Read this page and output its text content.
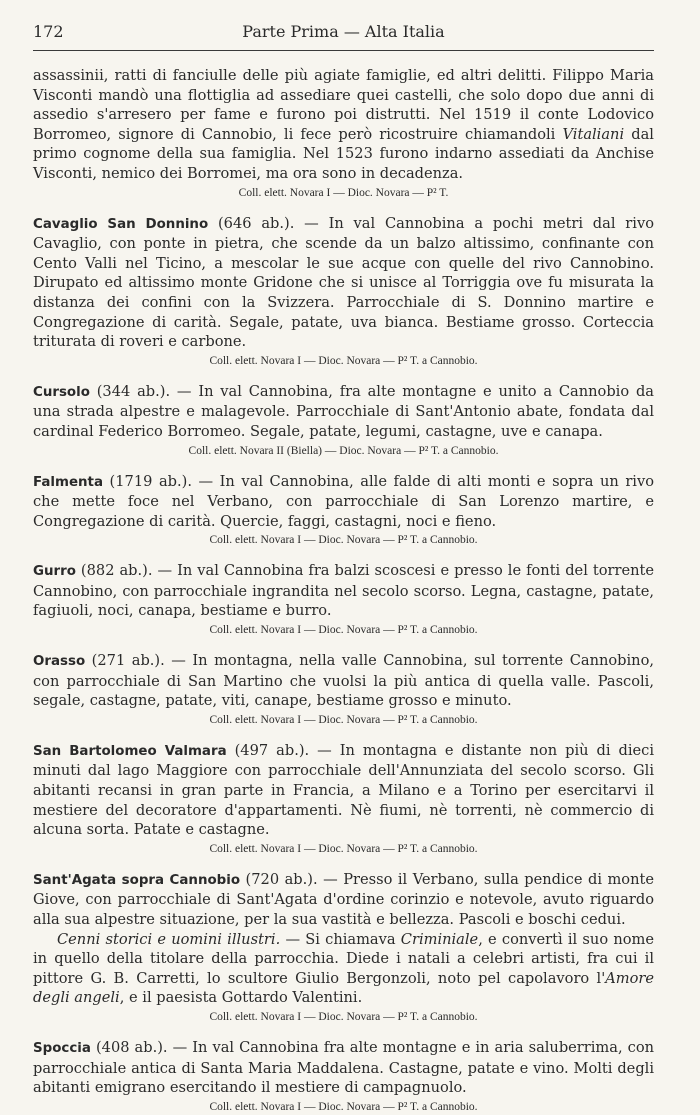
172	Parte Prima — Alta Italia

assassinii, ratti di fanciulle delle più agiate famiglie, ed altri delitti. Filippo Maria Visconti mandò una flottiglia ad assediare quei castelli, che solo dopo due anni di assedio s'arresero per fame e furono poi distrutti. Nel 1519 il conte Lodovico Borromeo, signore di Cannobio, li fece però ricostruire chiamandoli Vitaliani dal primo cognome della sua famiglia. Nel 1523 furono indarno assediati da Anchise Visconti, nemico dei Borromei, ma ora sono in decadenza.

Coll. elett. Novara I — Dioc. Novara — P² T.

Cavaglio San Donnino (646 ab.). — In val Cannobina a pochi metri dal rivo Cavaglio, con ponte in pietra, che scende da un balzo altissimo, confinante con Cento Valli nel Ticino, a mescolar le sue acque con quelle del rivo Cannobino. Dirupato ed altissimo monte Gridone che si unisce al Torriggia ove fu misurata la distanza dei confini con la Svizzera. Parrocchiale di S. Donnino martire e Congregazione di carità. Segale, patate, uva bianca. Bestiame grosso. Corteccia triturata di roveri e carbone.

Coll. elett. Novara I — Dioc. Novara — P² T. a Cannobio.

Cursolo (344 ab.). — In val Cannobina, fra alte montagne e unito a Cannobio da una strada alpestre e malagevole. Parrocchiale di Sant'Antonio abate, fondata dal cardinal Federico Borromeo. Segale, patate, legumi, castagne, uve e canapa.

Coll. elett. Novara II (Biella) — Dioc. Novara — P² T. a Cannobio.

Falmenta (1719 ab.). — In val Cannobina, alle falde di alti monti e sopra un rivo che mette foce nel Verbano, con parrocchiale di San Lorenzo martire, e Congregazione di carità. Quercie, faggi, castagni, noci e fieno.

Coll. elett. Novara I — Dioc. Novara — P² T. a Cannobio.

Gurro (882 ab.). — In val Cannobina fra balzi scoscesi e presso le fonti del torrente Cannobino, con parrocchiale ingrandita nel secolo scorso. Legna, castagne, patate, fagiuoli, noci, canapa, bestiame e burro.

Coll. elett. Novara I — Dioc. Novara — P² T. a Cannobio.

Orasso (271 ab.). — In montagna, nella valle Cannobina, sul torrente Cannobino, con parrocchiale di San Martino che vuolsi la più antica di quella valle. Pascoli, segale, castagne, patate, viti, canape, bestiame grosso e minuto.

Coll. elett. Novara I — Dioc. Novara — P² T. a Cannobio.

San Bartolomeo Valmara (497 ab.). — In montagna e distante non più di dieci minuti dal lago Maggiore con parrocchiale dell'Annunziata del secolo scorso. Gli abitanti recansi in gran parte in Francia, a Milano e a Torino per esercitarvi il mestiere del decoratore d'appartamenti. Nè fiumi, nè torrenti, nè commercio di alcuna sorta. Patate e castagne.

Coll. elett. Novara I — Dioc. Novara — P² T. a Cannobio.

Sant'Agata sopra Cannobio (720 ab.). — Presso il Verbano, sulla pendice di monte Giove, con parrocchiale di Sant'Agata d'ordine corinzio e notevole, avuto riguardo alla sua alpestre situazione, per la sua vastità e bellezza. Pascoli e boschi cedui.

Cenni storici e uomini illustri. — Si chiamava Criminiale, e convertì il suo nome in quello della titolare della parrocchia. Diede i natali a celebri artisti, fra cui il pittore G. B. Carretti, lo scultore Giulio Bergonzoli, noto pel capolavoro l'Amore degli angeli, e il paesista Gottardo Valentini.

Coll. elett. Novara I — Dioc. Novara — P² T. a Cannobio.

Spoccia (408 ab.). — In val Cannobina fra alte montagne e in aria saluberrima, con parrocchiale antica di Santa Maria Maddalena. Castagne, patate e vino. Molti degli abitanti emigrano esercitando il mestiere di campagnuolo.

Coll. elett. Novara I — Dioc. Novara — P² T. a Cannobio.
